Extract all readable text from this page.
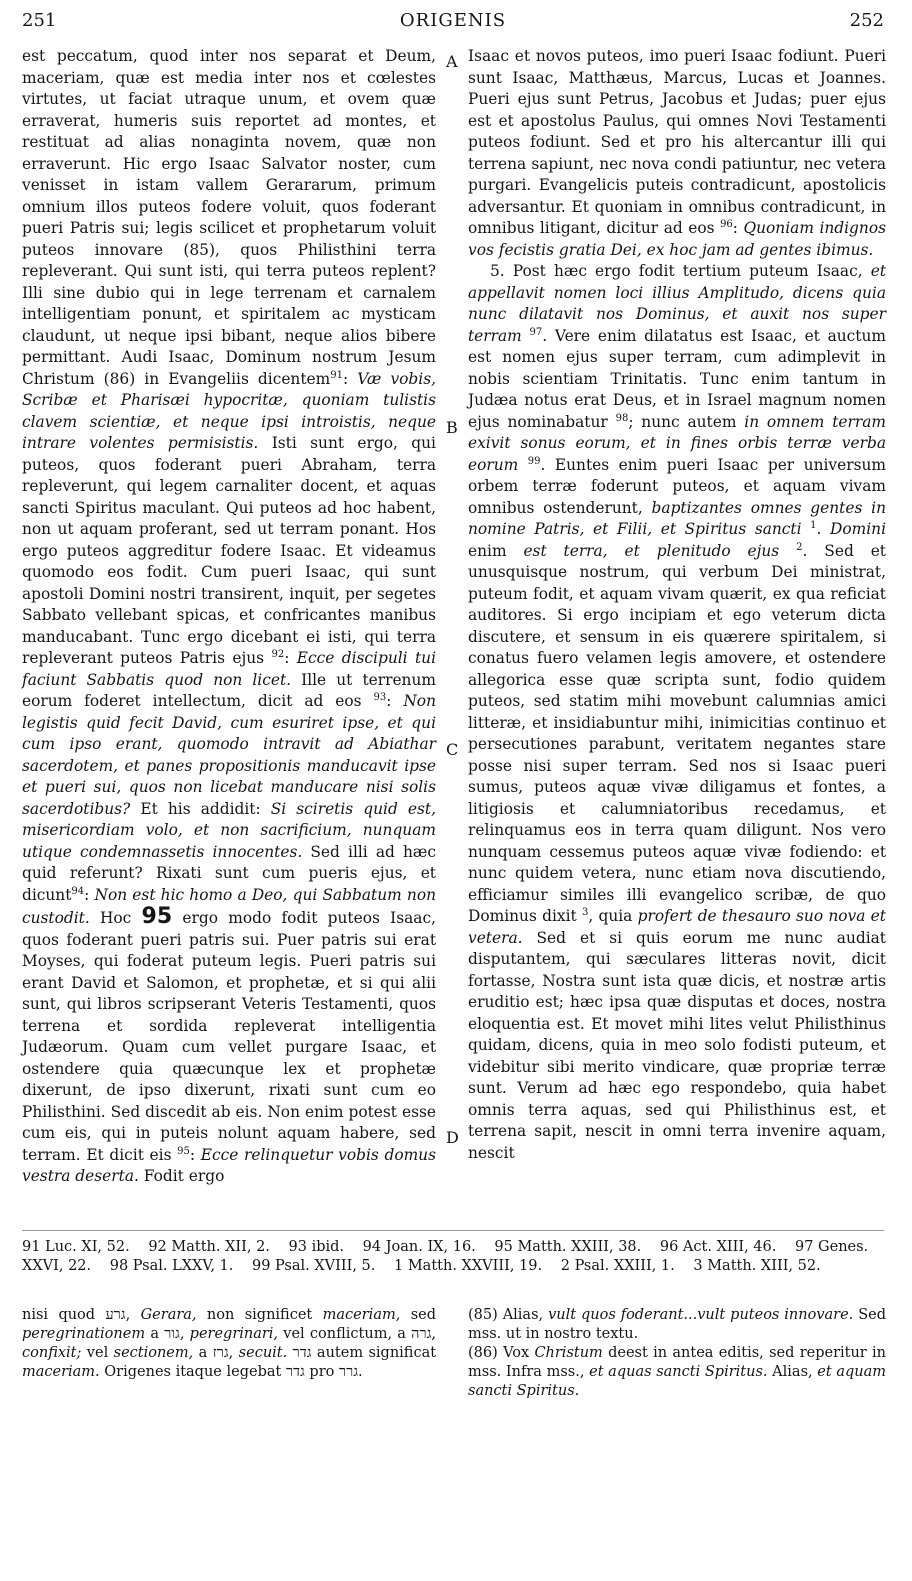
251	ORIGENIS	252
A
B
C
D

est peccatum, quod inter nos separat et Deum, maceriam, quæ est media inter nos et cœlestes virtutes, ut faciat utraque unum, et ovem quæ erraverat, humeris suis reportet ad montes, et restituat ad alias nonaginta novem, quæ non erraverunt. Hic ergo Isaac Salvator noster, cum venisset in istam vallem Gerararum, primum omnium illos puteos fodere voluit, quos foderant pueri Patris sui; legis scilicet et prophetarum voluit puteos innovare (85), quos Philisthini terra repleverant. Qui sunt isti, qui terra puteos replent? Illi sine dubio qui in lege terrenam et carnalem intelligentiam ponunt, et spiritalem ac mysticam claudunt, ut neque ipsi bibant, neque alios bibere permittant. Audi Isaac, Dominum nostrum Jesum Christum (86) in Evangeliis dicentem$^{91}$: Væ vobis, Scribæ et Pharisæi hypocritæ, quoniam tulistis clavem scientiæ, et neque ipsi introistis, neque intrare volentes permisistis. Isti sunt ergo, qui puteos, quos foderant pueri Abraham, terra repleverunt, qui legem carnaliter docent, et aquas sancti Spiritus maculant. Qui puteos ad hoc habent, non ut aquam proferant, sed ut terram ponant. Hos ergo puteos aggreditur fodere Isaac. Et videamus quomodo eos fodit. Cum pueri Isaac, qui sunt apostoli Domini nostri transirent, inquit, per segetes Sabbato vellebant spicas, et confricantes manibus manducabant. Tunc ergo dicebant ei isti, qui terra repleverant puteos Patris ejus $^{92}$: Ecce discipuli tui faciunt Sabbatis quod non licet. Ille ut terrenum eorum foderet intellectum, dicit ad eos $^{93}$: Non legistis quid fecit David, cum esuriret ipse, et qui cum ipso erant, quomodo intravit ad Abiathar sacerdotem, et panes propositionis manducavit ipse et pueri sui, quos non licebat manducare nisi solis sacerdotibus? Et his addidit: Si sciretis quid est, misericordiam volo, et non sacrificium, nunquam utique condemnassetis innocentes. Sed illi ad hæc quid referunt? Rixati sunt cum pueris ejus, et dicunt$^{94}$: Non est hic homo a Deo, qui Sabbatum non custodit. Hoc 95 ergo modo fodit puteos Isaac, quos foderant pueri patris sui. Puer patris sui erat Moyses, qui foderat puteum legis. Pueri patris sui erant David et Salomon, et prophetæ, et si qui alii sunt, qui libros scripserant Veteris Testamenti, quos terrena et sordida repleverat intelligentia Judæorum. Quam cum vellet purgare Isaac, et ostendere quia quæcunque lex et prophetæ dixerunt, de ipso dixerunt, rixati sunt cum eo Philisthini. Sed discedit ab eis. Non enim potest esse cum eis, qui in puteis nolunt aquam habere, sed terram. Et dicit eis $^{95}$: Ecce relinquetur vobis domus vestra deserta. Fodit ergo

Isaac et novos puteos, imo pueri Isaac fodiunt. Pueri sunt Isaac, Matthæus, Marcus, Lucas et Joannes. Pueri ejus sunt Petrus, Jacobus et Judas; puer ejus est et apostolus Paulus, qui omnes Novi Testamenti puteos fodiunt. Sed et pro his altercantur illi qui terrena sapiunt, nec nova condi patiuntur, nec vetera purgari. Evangelicis puteis contradicunt, apostolicis adversantur. Et quoniam in omnibus contradicunt, in omnibus litigant, dicitur ad eos $^{96}$: Quoniam indignos vos fecistis gratia Dei, ex hoc jam ad gentes ibimus.

5. Post hæc ergo fodit tertium puteum Isaac, et appellavit nomen loci illius Amplitudo, dicens quia nunc dilatavit nos Dominus, et auxit nos super terram $^{97}$. Vere enim dilatatus est Isaac, et auctum est nomen ejus super terram, cum adimplevit in nobis scientiam Trinitatis. Tunc enim tantum in Judæa notus erat Deus, et in Israel magnum nomen ejus nominabatur $^{98}$; nunc autem in omnem terram exivit sonus eorum, et in fines orbis terræ verba eorum $^{99}$. Euntes enim pueri Isaac per universum orbem terræ foderunt puteos, et aquam vivam omnibus ostenderunt, baptizantes omnes gentes in nomine Patris, et Filii, et Spiritus sancti $^1$. Domini enim est terra, et plenitudo ejus $^2$. Sed et unusquisque nostrum, qui verbum Dei ministrat, puteum fodit, et aquam vivam quærit, ex qua reficiat auditores. Si ergo incipiam et ego veterum dicta discutere, et sensum in eis quærere spiritalem, si conatus fuero velamen legis amovere, et ostendere allegorica esse quæ scripta sunt, fodio quidem puteos, sed statim mihi movebunt calumnias amici litteræ, et insidiabuntur mihi, inimicitias continuo et persecutiones parabunt, veritatem negantes stare posse nisi super terram. Sed nos si Isaac pueri sumus, puteos aquæ vivæ diligamus et fontes, a litigiosis et calumniatoribus recedamus, et relinquamus eos in terra quam diligunt. Nos vero nunquam cessemus puteos aquæ vivæ fodiendo: et nunc quidem vetera, nunc etiam nova discutiendo, efficiamur similes illi evangelico scribæ, de quo Dominus dixit $^3$, quia profert de thesauro suo nova et vetera. Sed et si quis eorum me nunc audiat disputantem, qui sæculares litteras novit, dicit fortasse, Nostra sunt ista quæ dicis, et nostræ artis eruditio est; hæc ipsa quæ disputas et doces, nostra eloquentia est. Et movet mihi lites velut Philisthinus quidam, dicens, quia in meo solo fodisti puteum, et videbitur sibi merito vindicare, quæ propriæ terræ sunt. Verum ad hæc ego respondebo, quia habet omnis terra aquas, sed qui Philisthinus est, et terrena sapit, nescit in omni terra invenire aquam, nescit

91 Luc. XI, 52. 92 Matth. XII, 2. 93 ibid. 94 Joan. IX, 16. 95 Matth. XXIII, 38. 96 Act. XIII, 46. 97 Genes. XXVI, 22. 98 Psal. LXXV, 1. 99 Psal. XVIII, 5. 1 Matth. XXVIII, 19. 2 Psal. XXIII, 1. 3 Matth. XIII, 52.

nisi quod גרע, Gerara, non significet maceriam, sed peregrinationem a גור, peregrinari, vel conflictum, a גרה, confixit; vel sectionem, a גרז, secuit. גדר autem significat maceriam. Origenes itaque legebat גדר pro גרר.

(85) Alias, vult quos foderant...vult puteos innovare. Sed mss. ut in nostro textu.

(86) Vox Christum deest in antea editis, sed reperitur in mss. Infra mss., et aquas sancti Spiritus. Alias, et aquam sancti Spiritus.
